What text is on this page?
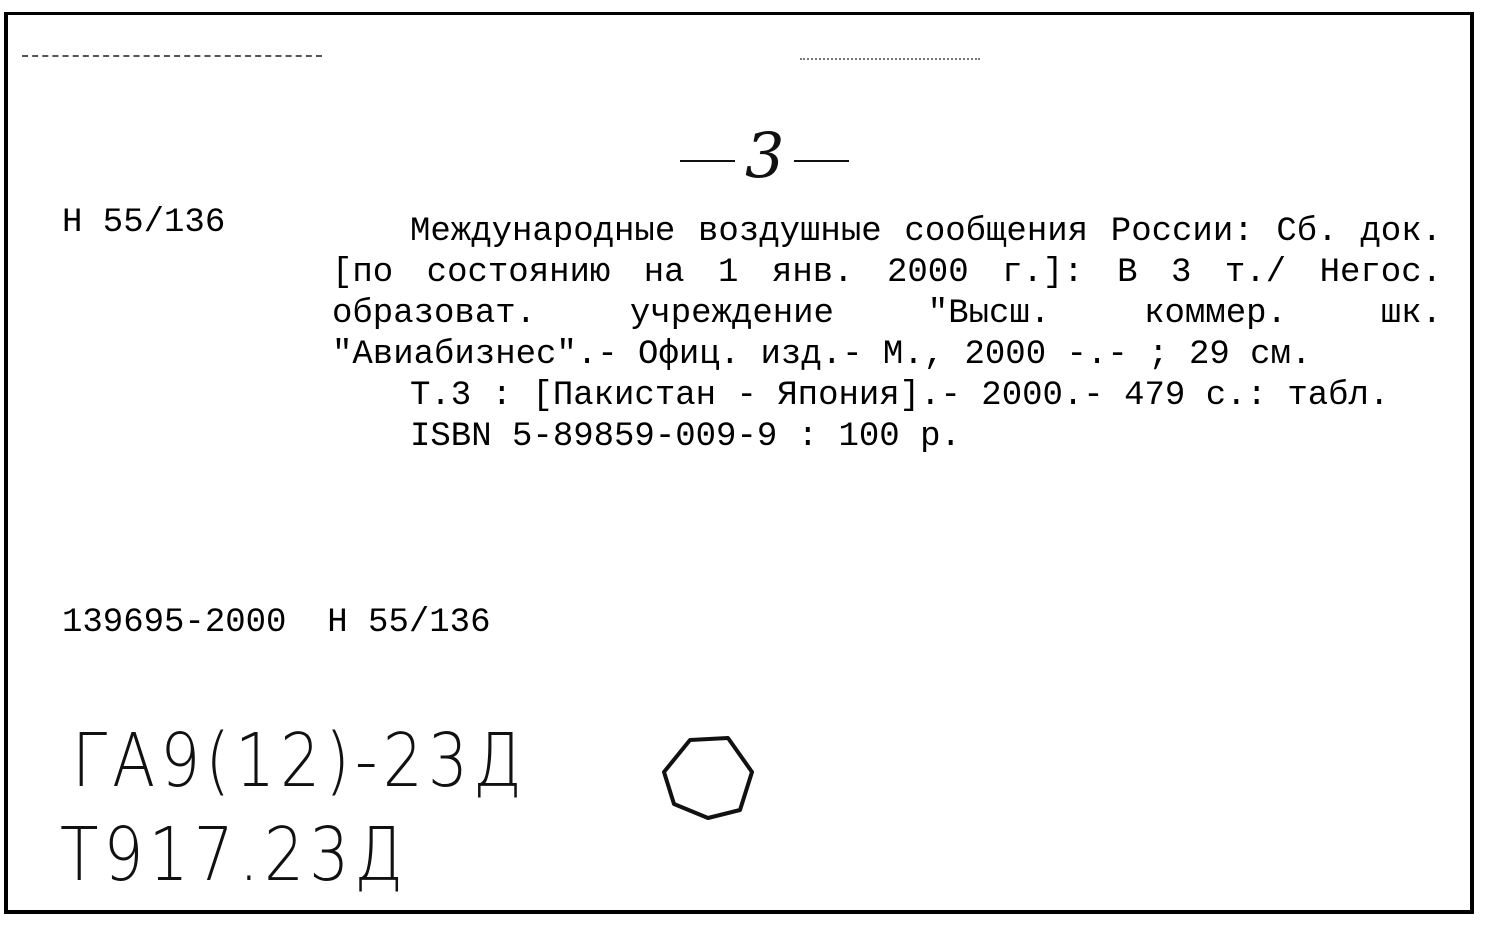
3
Н 55/136	Международные воздушные сообщения России: Сб. док. [по состоянию на 1 янв. 2000 г.]: В 3 т./ Негос. образоват. учреждение "Высш. коммер. шк. "Авиабизнес".- Офиц. изд.- М., 2000 -.- ; 29 см.
Т.3 : [Пакистан - Япония].- 2000.- 479 с.: табл.
ISBN 5-89859-009-9 : 100 р.
139695-2000  Н 55/136
ГА9(12)-23Д
Т917.23Д
